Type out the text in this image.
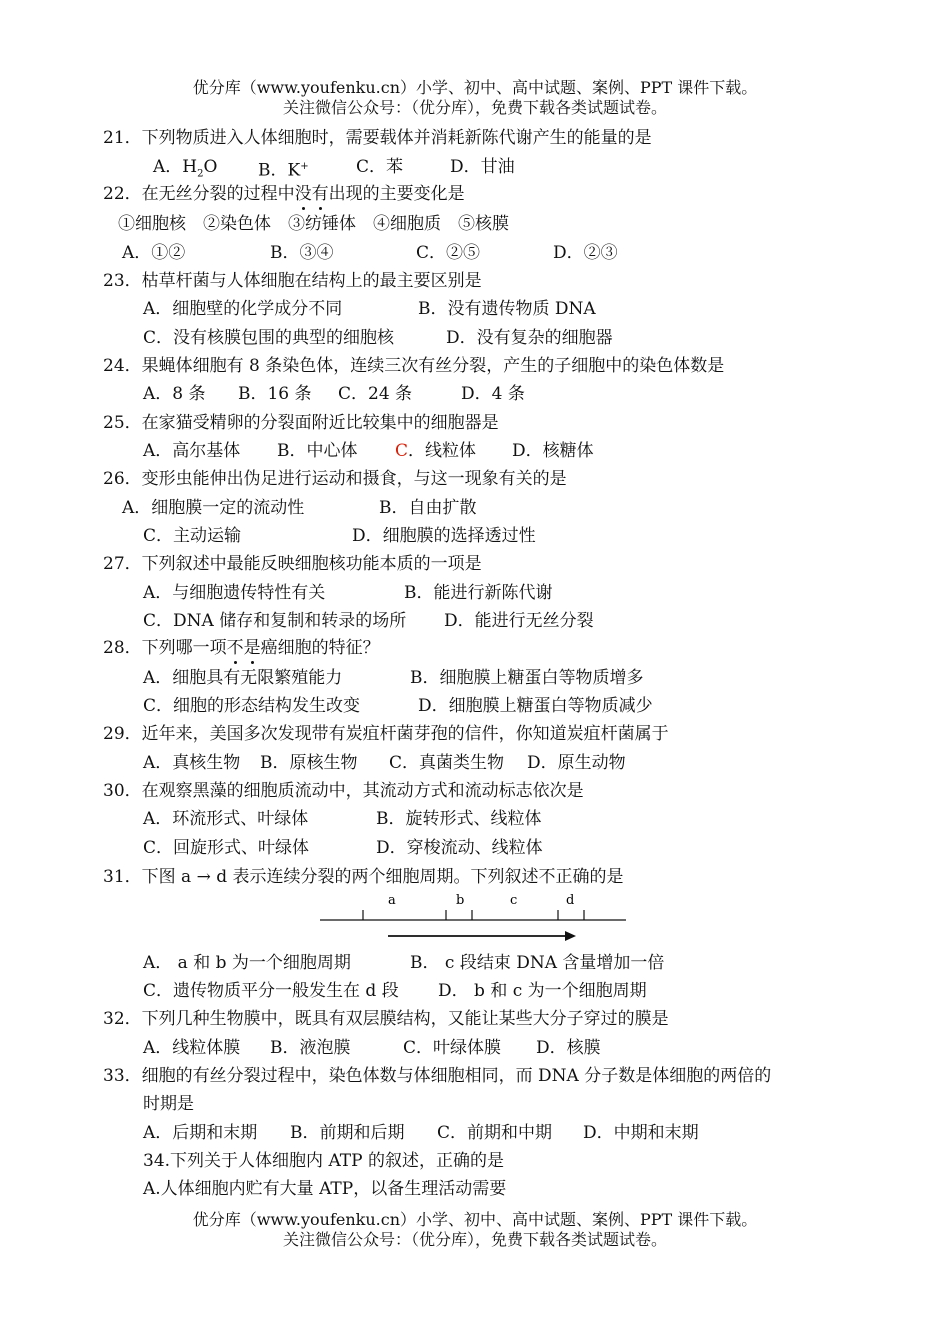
优分库（www.youfenku.cn）小学、初中、高中试题、案例、PPT 课件下载。
关注微信公众号：（优分库），免费下载各类试题试卷。
21．下列物质进入人体细胞时，需要载体并消耗新陈代谢产生的能量的是
A．$H_2O$ B．K+	C．苯	D．甘油
22．在无丝分裂的过程中没有出现的主要变化是
①细胞核　②染色体　③纺锤体　④细胞质　⑤核膜
A．①②	B．③④	C．②⑤	D．②③
23．枯草杆菌与人体细胞在结构上的最主要区别是
A．细胞壁的化学成分不同	B．没有遗传物质 DNA
C．没有核膜包围的典型的细胞核	D．没有复杂的细胞器
24．果蝇体细胞有 8 条染色体，连续三次有丝分裂，产生的子细胞中的染色体数是
A．8 条 B．16 条 C．24 条	D．4 条
25．在家猫受精卵的分裂面附近比较集中的细胞器是
A．高尔基体 B．中心体 C．线粒体 D．核糖体
26．变形虫能伸出伪足进行运动和摄食，与这一现象有关的是
A．细胞膜一定的流动性	B．自由扩散
C．主动运输	D．细胞膜的选择透过性
27．下列叙述中最能反映细胞核功能本质的一项是
A．与细胞遗传特性有关	B．能进行新陈代谢
C．DNA 储存和复制和转录的场所 D．能进行无丝分裂
28．下列哪一项不是癌细胞的特征？
A．细胞具有无限繁殖能力	B．细胞膜上糖蛋白等物质增多
C．细胞的形态结构发生改变	D．细胞膜上糖蛋白等物质减少
29．近年来，美国多次发现带有炭疽杆菌芽孢的信件，你知道炭疽杆菌属于
A．真核生物 B．原核生物 C．真菌类生物 D．原生动物
30．在观察黑藻的细胞质流动中，其流动方式和流动标志依次是
A．环流形式、叶绿体	B．旋转形式、线粒体
C．回旋形式、叶绿体	D．穿梭流动、线粒体
31．下图 a → d 表示连续分裂的两个细胞周期。下列叙述不正确的是
a	b	c	d
A． a 和 b 为一个细胞周期	B． c 段结束 DNA 含量增加一倍
C．遗传物质平分一般发生在 d 段 D． b 和 c 为一个细胞周期
32．下列几种生物膜中，既具有双层膜结构，又能让某些大分子穿过的膜是
A．线粒体膜 B．液泡膜	C．叶绿体膜 D．核膜
33．细胞的有丝分裂过程中，染色体数与体细胞相同，而 DNA 分子数是体细胞的两倍的
时期是
A．后期和末期 B．前期和后期 C．前期和中期 D．中期和末期
34.下列关于人体细胞内 ATP 的叙述，正确的是
A.人体细胞内贮有大量 ATP，以备生理活动需要
优分库（www.youfenku.cn）小学、初中、高中试题、案例、PPT 课件下载。
关注微信公众号：（优分库），免费下载各类试题试卷。
